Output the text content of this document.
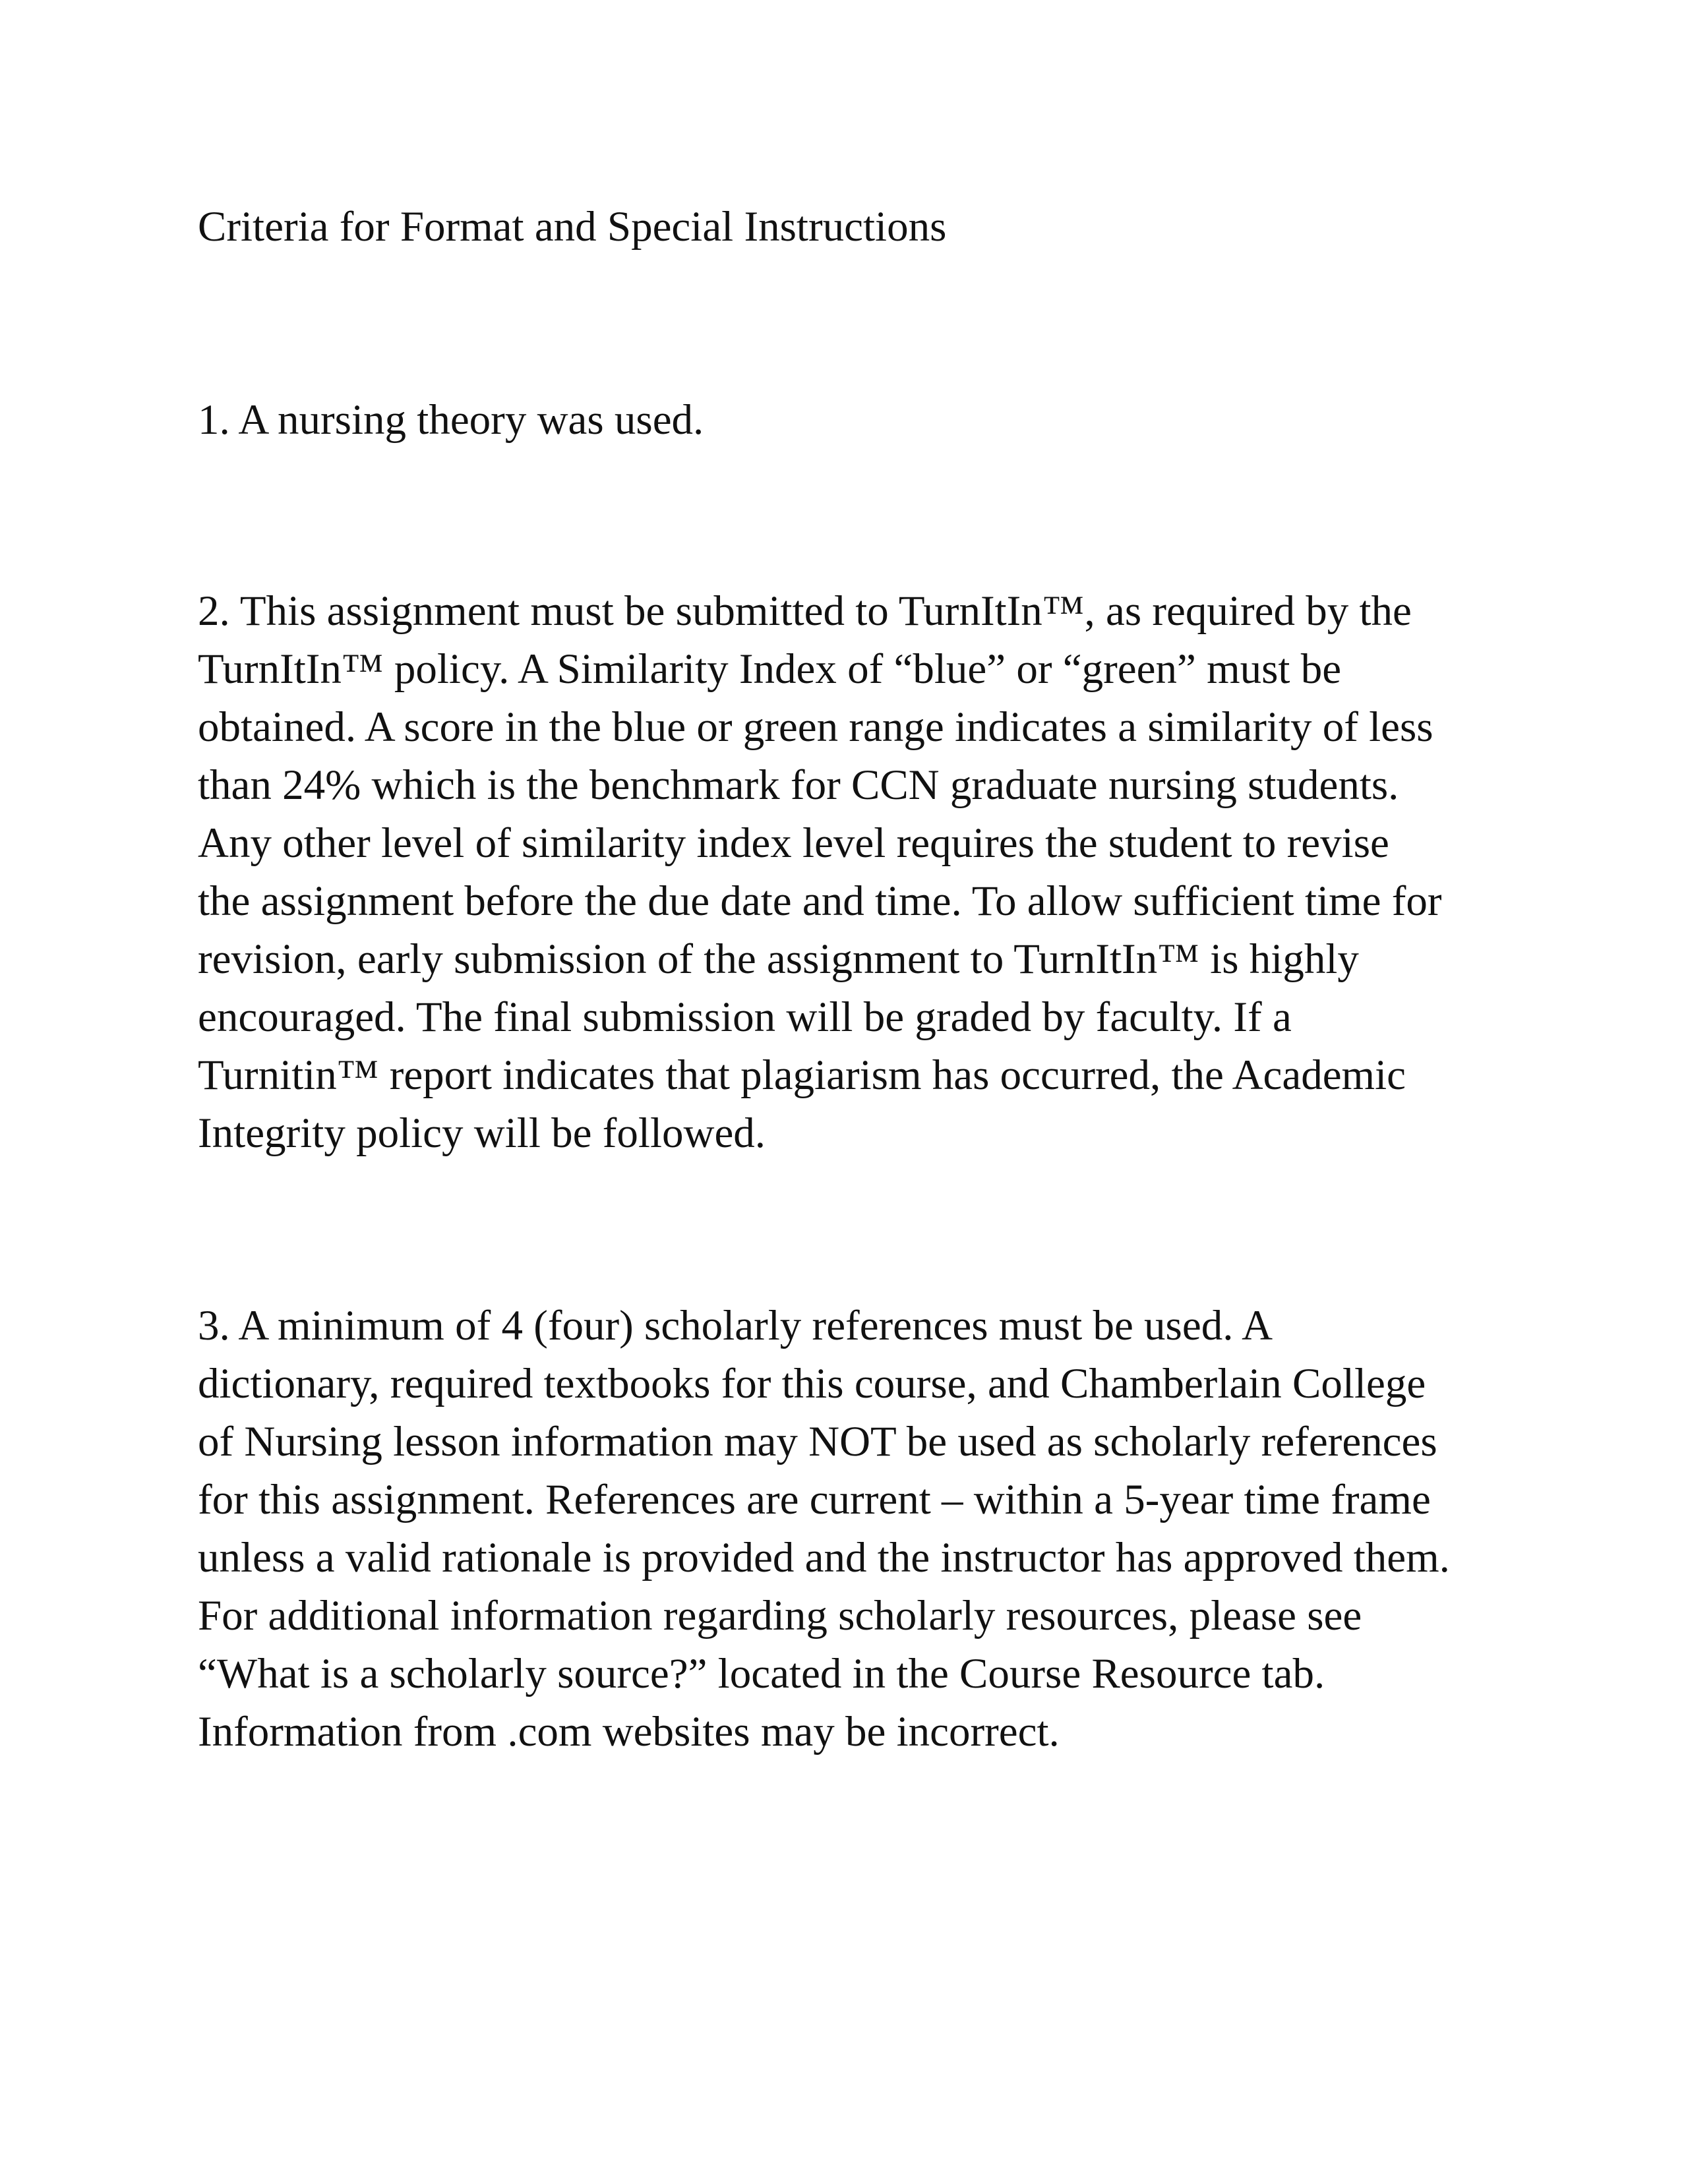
Criteria for Format and Special Instructions

1. A nursing theory was used.

2. This assignment must be submitted to TurnItIn™, as required by the
TurnItIn™ policy. A Similarity Index of “blue” or “green” must be
obtained. A score in the blue or green range indicates a similarity of less
than 24% which is the benchmark for CCN graduate nursing students.
Any other level of similarity index level requires the student to revise
the assignment before the due date and time. To allow sufficient time for
revision, early submission of the assignment to TurnItIn™ is highly
encouraged. The final submission will be graded by faculty. If a
Turnitin™ report indicates that plagiarism has occurred, the Academic
Integrity policy will be followed.

3. A minimum of 4 (four) scholarly references must be used. A
dictionary, required textbooks for this course, and Chamberlain College
of Nursing lesson information may NOT be used as scholarly references
for this assignment. References are current – within a 5-year time frame
unless a valid rationale is provided and the instructor has approved them.
For additional information regarding scholarly resources, please see
“What is a scholarly source?” located in the Course Resource tab.
Information from .com websites may be incorrect.
